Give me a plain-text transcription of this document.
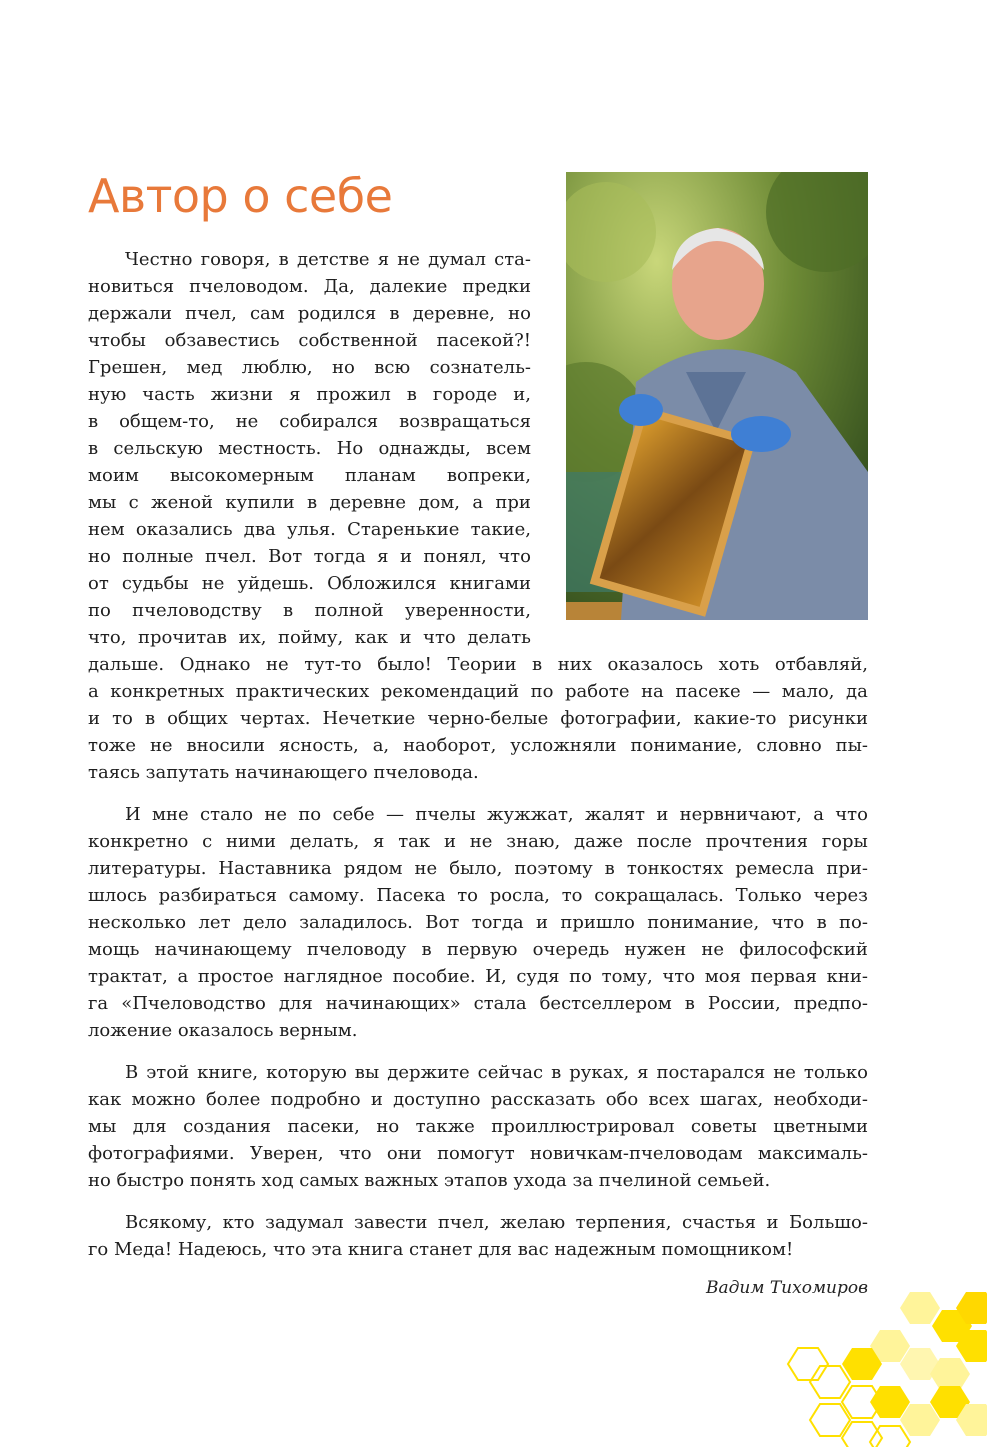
Автор о себе
Честно говоря, в детстве я не думал ста-
новиться пчеловодом. Да, далекие предки
держали пчел, сам родился в деревне, но
чтобы обзавестись собственной пасекой?!
Грешен, мед люблю, но всю сознатель-
ную часть жизни я прожил в городе и,
в общем-то, не собирался возвращаться
в сельскую местность. Но однажды, всем
моим высокомерным планам вопреки,
мы с женой купили в деревне дом, а при
нем оказались два улья. Старенькие такие,
но полные пчел. Вот тогда я и понял, что
от судьбы не уйдешь. Обложился книгами
по пчеловодству в полной уверенности,
что, прочитав их, пойму, как и что делать
дальше. Однако не тут-то было! Теории в них оказалось хоть отбавляй,
а конкретных практических рекомендаций по работе на пасеке — мало, да
и то в общих чертах. Нечеткие черно-белые фотографии, какие-то рисунки
тоже не вносили ясность, а, наоборот, усложняли понимание, словно пы-
таясь запутать начинающего пчеловода.
И мне стало не по себе — пчелы жужжат, жалят и нервничают, а что
конкретно с ними делать, я так и не знаю, даже после прочтения горы
литературы. Наставника рядом не было, поэтому в тонкостях ремесла при-
шлось разбираться самому. Пасека то росла, то сокращалась. Только через
несколько лет дело заладилось. Вот тогда и пришло понимание, что в по-
мощь начинающему пчеловоду в первую очередь нужен не философский
трактат, а простое наглядное пособие. И, судя по тому, что моя первая кни-
га «Пчеловодство для начинающих» стала бестселлером в России, предпо-
ложение оказалось верным.
В этой книге, которую вы держите сейчас в руках, я постарался не только
как можно более подробно и доступно рассказать обо всех шагах, необходи-
мы для создания пасеки, но также проиллюстрировал советы цветными
фотографиями. Уверен, что они помогут новичкам-пчеловодам максималь-
но быстро понять ход самых важных этапов ухода за пчелиной семьей.
Всякому, кто задумал завести пчел, желаю терпения, счастья и Большо-
го Меда! Надеюсь, что эта книга станет для вас надежным помощником!
Вадим Тихомиров
